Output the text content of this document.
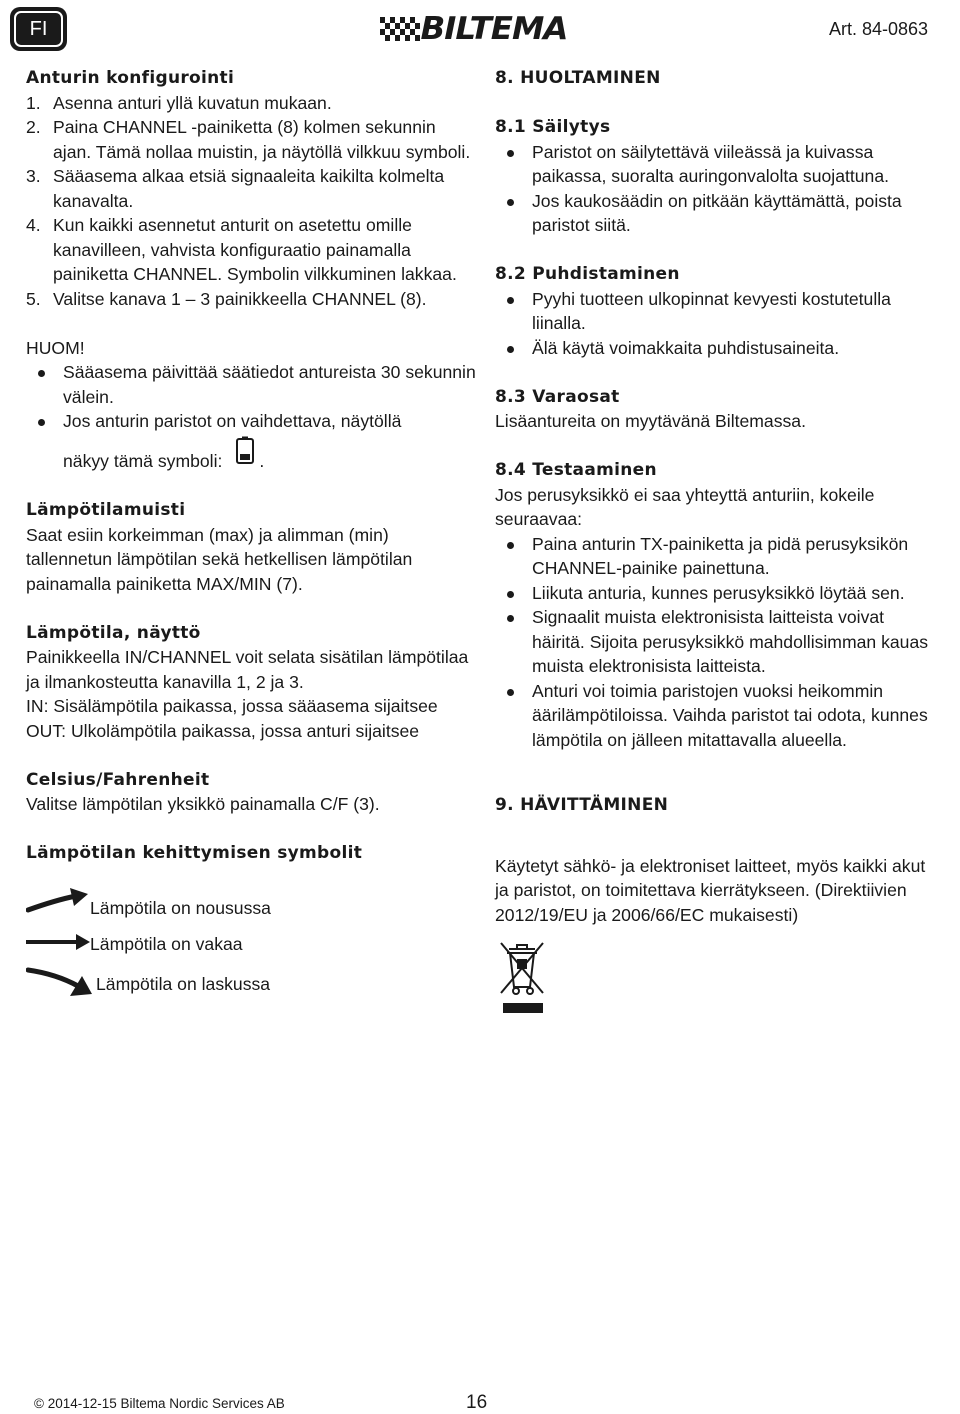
FI	BILTEMA	Art. 84-0863
Anturin konfigurointi
1. Asenna anturi yllä kuvatun mukaan.
2. Paina CHANNEL -painiketta (8) kolmen sekunnin ajan. Tämä nollaa muistin, ja näytöllä vilkkuu symboli.
3. Sääasema alkaa etsiä signaaleita kaikilta kolmelta kanavalta.
4. Kun kaikki asennetut anturit on asetettu omille kanavilleen, vahvista konfiguraatio painamalla painiketta CHANNEL. Symbolin vilkkuminen lakkaa.
5. Valitse kanava 1 – 3 painikkeella CHANNEL (8).
HUOM!
Sääasema päivittää säätiedot antureista 30 sekunnin välein.
Jos anturin paristot on vaihdettava, näytöllä
näkyy tämä symboli: .
Lämpötilamuisti
Saat esiin korkeimman (max) ja alimman (min) tallennetun lämpötilan sekä hetkellisen lämpötilan painamalla painiketta MAX/MIN (7).
Lämpötila, näyttö
Painikkeella IN/CHANNEL voit selata sisätilan lämpötilaa ja ilmankosteutta kanavilla 1, 2 ja 3.
IN: Sisälämpötila paikassa, jossa sääasema sijaitsee
OUT: Ulkolämpötila paikassa, jossa anturi sijaitsee
Celsius/Fahrenheit
Valitse lämpötilan yksikkö painamalla C/F (3).
Lämpötilan kehittymisen symbolit
Lämpötila on nousussa
Lämpötila on vakaa
Lämpötila on laskussa
8. HUOLTAMINEN
8.1 Säilytys
Paristot on säilytettävä viileässä ja kuivassa paikassa, suoralta auringonvalolta suojattuna.
Jos kaukosäädin on pitkään käyttämättä, poista paristot siitä.
8.2 Puhdistaminen
Pyyhi tuotteen ulkopinnat kevyesti kostutetulla liinalla.
Älä käytä voimakkaita puhdistusaineita.
8.3 Varaosat
Lisäantureita on myytävänä Biltemassa.
8.4 Testaaminen
Jos perusyksikkö ei saa yhteyttä anturiin, kokeile seuraavaa:
Paina anturin TX-painiketta ja pidä perusyksikön CHANNEL-painike painettuna.
Liikuta anturia, kunnes perusyksikkö löytää sen.
Signaalit muista elektronisista laitteista voivat häiritä. Sijoita perusyksikkö mahdollisimman kauas muista elektronisista laitteista.
Anturi voi toimia paristojen vuoksi heikommin äärilämpötiloissa. Vaihda paristot tai odota, kunnes lämpötila on jälleen mitattavalla alueella.
9. HÄVITTÄMINEN
Käytetyt sähkö- ja elektroniset laitteet, myös kaikki akut ja paristot, on toimitettava kierrätykseen. (Direktiivien 2012/19/EU ja 2006/66/EC mukaisesti)
© 2014-12-15 Biltema Nordic Services AB	16
